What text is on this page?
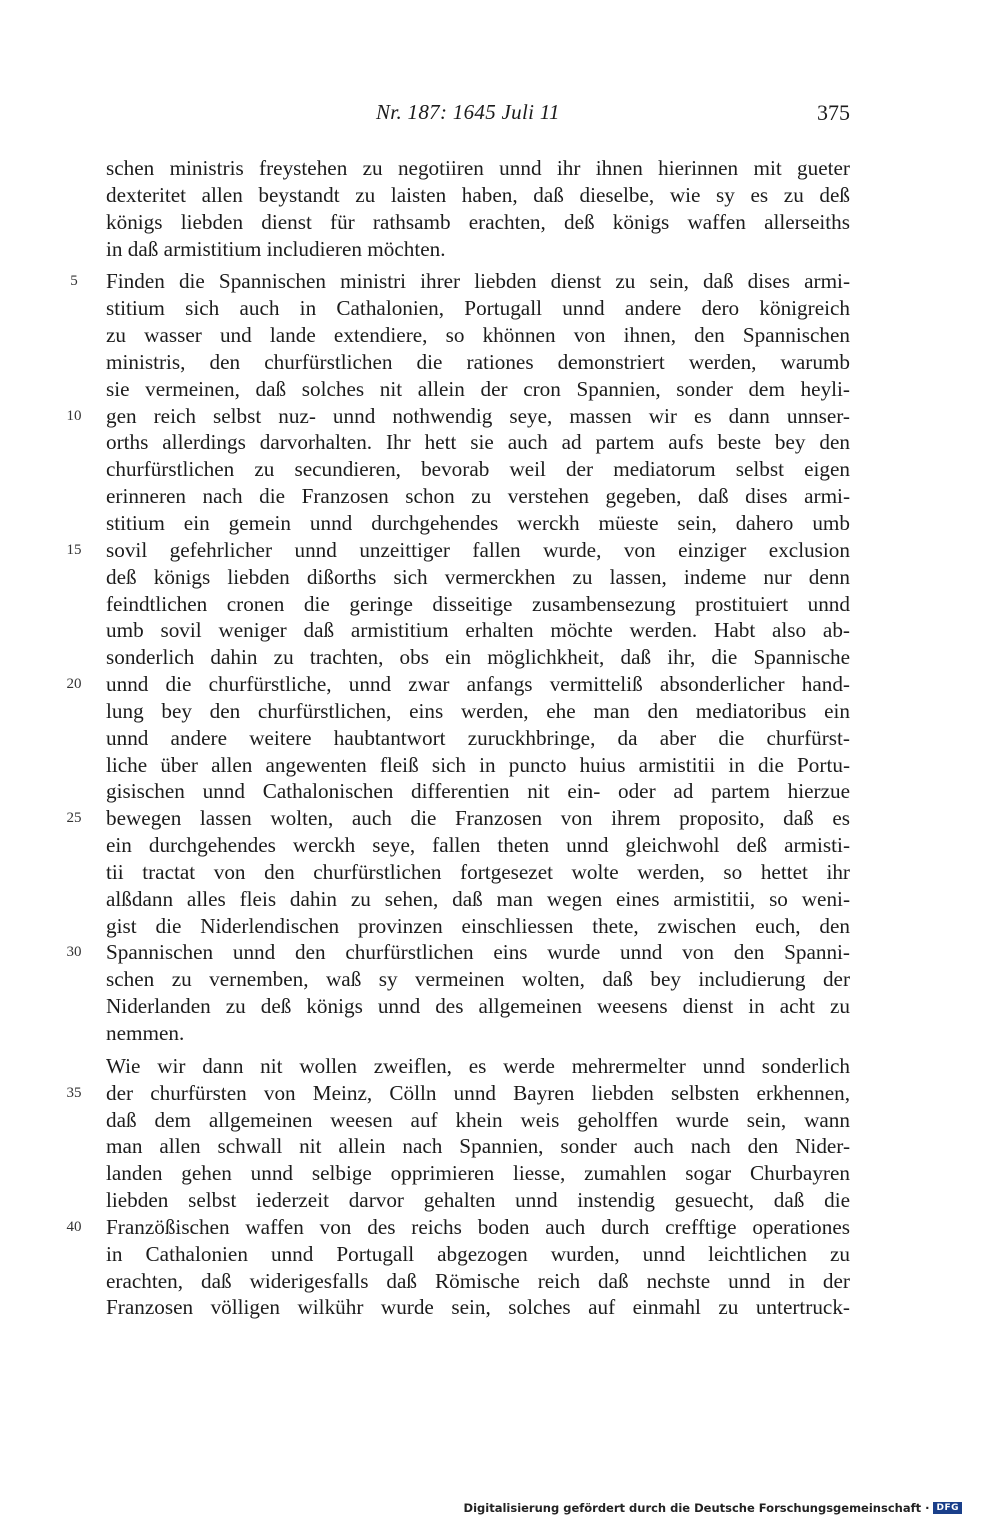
Nr. 187: 1645 Juli 11	375
schen ministris freystehen zu negotiiren unnd ihr ihnen hierinnen mit gueter
dexteritet allen beystandt zu laisten haben, daß dieselbe, wie sy es zu deß
königs liebden dienst für rathsamb erachten, deß königs waffen allerseiths
in daß armistitium includieren möchten.
5	Finden die Spannischen ministri ihrer liebden dienst zu sein, daß dises armi-
stitium sich auch in Cathalonien, Portugall unnd andere dero königreich
zu wasser und lande extendiere, so khönnen von ihnen, den Spannischen
ministris, den churfürstlichen die rationes demonstriert werden, warumb
sie vermeinen, daß solches nit allein der cron Spannien, sonder dem heyli-
10	gen reich selbst nuz- unnd nothwendig seye, massen wir es dann unnser-
orths allerdings darvorhalten. Ihr hett sie auch ad partem aufs beste bey den
churfürstlichen zu secundieren, bevorab weil der mediatorum selbst eigen
erinneren nach die Franzosen schon zu verstehen gegeben, daß dises armi-
stitium ein gemein unnd durchgehendes werckh müeste sein, dahero umb
15	sovil gefehrlicher unnd unzeittiger fallen wurde, von einziger exclusion
deß königs liebden dißorths sich vermerckhen zu lassen, indeme nur denn
feindtlichen cronen die geringe disseitige zusambensezung prostituiert unnd
umb sovil weniger daß armistitium erhalten möchte werden. Habt also ab-
sonderlich dahin zu trachten, obs ein möglichkheit, daß ihr, die Spannische
20	unnd die churfürstliche, unnd zwar anfangs vermitteliß absonderlicher hand-
lung bey den churfürstlichen, eins werden, ehe man den mediatoribus ein
unnd andere weitere haubtantwort zuruckhbringe, da aber die churfürst-
liche über allen angewenten fleiß sich in puncto huius armistitii in die Portu-
gisischen unnd Cathalonischen differentien nit ein- oder ad partem hierzue
25	bewegen lassen wolten, auch die Franzosen von ihrem proposito, daß es
ein durchgehendes werckh seye, fallen theten unnd gleichwohl deß armisti-
tii tractat von den churfürstlichen fortgesezet wolte werden, so hettet ihr
alßdann alles fleis dahin zu sehen, daß man wegen eines armistitii, so weni-
gist die Niderlendischen provinzen einschliessen thete, zwischen euch, den
30	Spannischen unnd den churfürstlichen eins wurde unnd von den Spanni-
schen zu vernemben, waß sy vermeinen wolten, daß bey includierung der
Niderlanden zu deß königs unnd des allgemeinen weesens dienst in acht zu
nemmen.
Wie wir dann nit wollen zweiflen, es werde mehrermelter unnd sonderlich
35	der churfürsten von Meinz, Cölln unnd Bayren liebden selbsten erkhennen,
daß dem allgemeinen weesen auf khein weis geholffen wurde sein, wann
man allen schwall nit allein nach Spannien, sonder auch nach den Nider-
landen gehen unnd selbige opprimieren liesse, zumahlen sogar Churbayren
liebden selbst iederzeit darvor gehalten unnd instendig gesuecht, daß die
40	Franzößischen waffen von des reichs boden auch durch crefftige operationes
in Cathalonien unnd Portugall abgezogen wurden, unnd leichtlichen zu
erachten, daß widerigesfalls daß Römische reich daß nechste unnd in der
Franzosen völligen wilkühr wurde sein, solches auf einmahl zu untertruck-
Digitalisierung gefördert durch die Deutsche Forschungsgemeinschaft · DFG
